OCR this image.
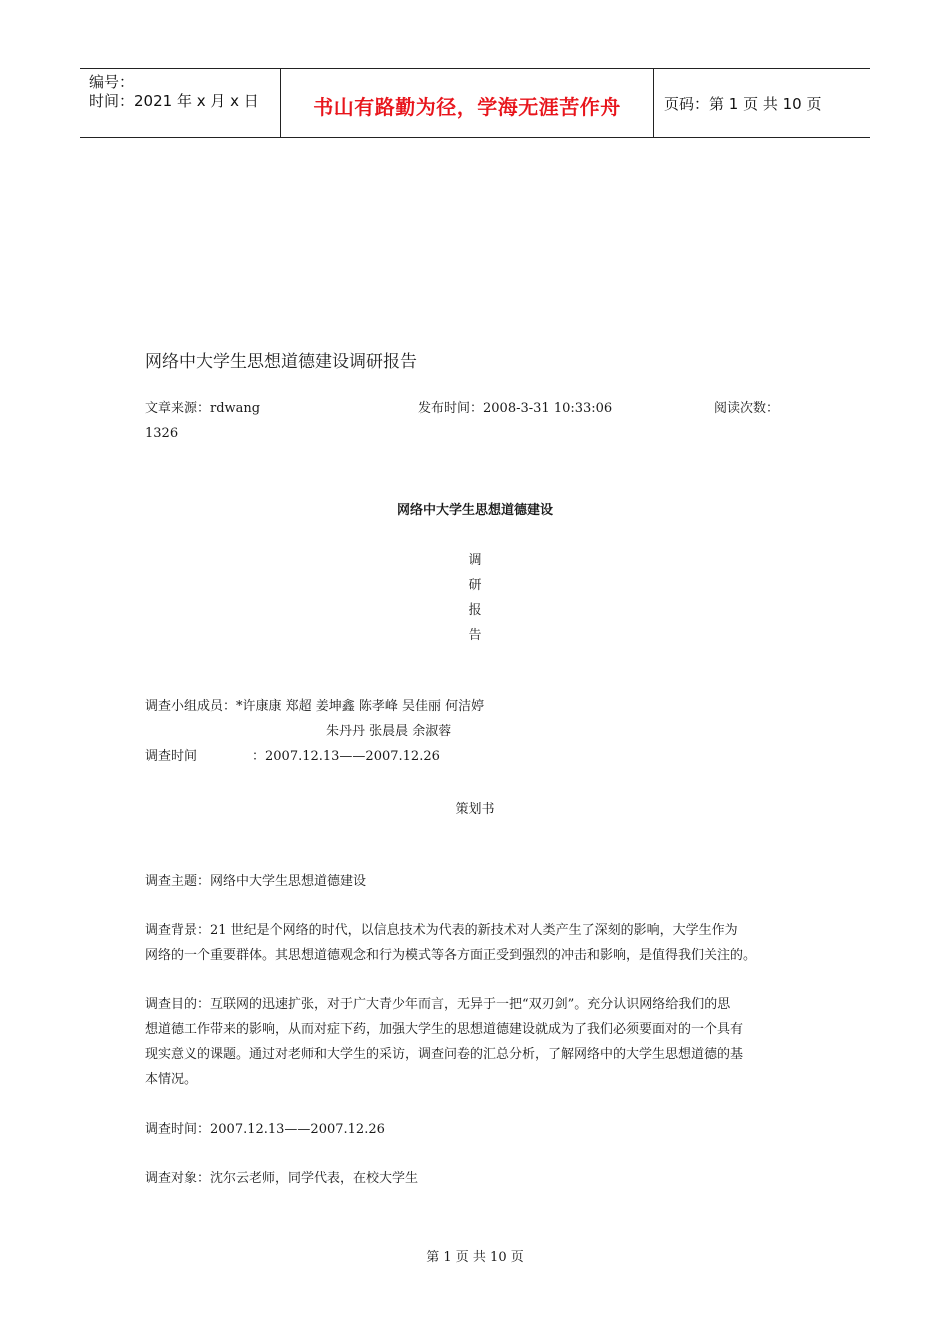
编号：
时间：2021 年 x 月 x 日	书山有路勤为径，学海无涯苦作舟	页码：第 1 页 共 10 页
网络中大学生思想道德建设调研报告
文章来源：rdwang	发布时间：2008-3-31 10:33:06	阅读次数：
1326
网络中大学生思想道德建设
调
研
报
告
调查小组成员：*许康康 郑超 姜坤鑫 陈孝峰 吴佳丽 何洁婷
朱丹丹 张晨晨 余淑蓉
调查时间	：2007.12.13——2007.12.26
策划书
调查主题：网络中大学生思想道德建设
调查背景：21 世纪是个网络的时代，以信息技术为代表的新技术对人类产生了深刻的影响，大学生作为
网络的一个重要群体。其思想道德观念和行为模式等各方面正受到强烈的冲击和影响，是值得我们关注的。
调查目的：互联网的迅速扩张，对于广大青少年而言，无异于一把“双刃剑”。充分认识网络给我们的思
想道德工作带来的影响，从而对症下药，加强大学生的思想道德建设就成为了我们必须要面对的一个具有
现实意义的课题。通过对老师和大学生的采访，调查问卷的汇总分析，了解网络中的大学生思想道德的基
本情况。
调查时间：2007.12.13——2007.12.26
调查对象：沈尔云老师，同学代表，在校大学生
第 1 页 共 10 页
